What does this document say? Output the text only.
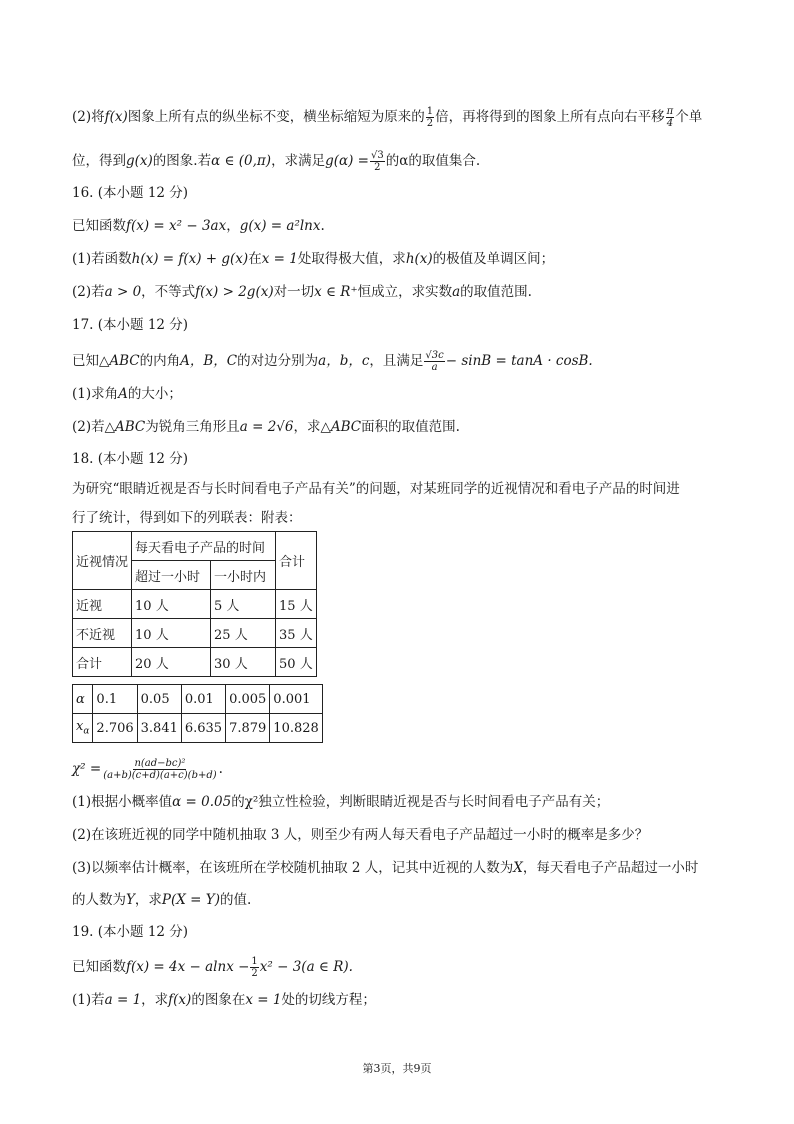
(2)将f(x)图象上所有点的纵坐标不变，横坐标缩短为原来的 $\frac{1}{2}$ 倍，再将得到的图象上所有点向右平移 $\frac{\pi}{4}$ 个单
位，得到g(x)的图象.若α ∈ (0,π)，求满足$g(\alpha) = \frac{√3}{2}$ 的α的取值集合.
16. (本小题 12 分)
已知函数f(x) = x² − 3ax，g(x) = a²lnx.
(1)若函数h(x) = f(x) + g(x)在x = 1处取得极大值，求h(x)的极值及单调区间；
(2)若a > 0，不等式f(x) > 2g(x)对一切x ∈ R⁺恒成立，求实数a的取值范围.
17. (本小题 12 分)
已知△ABC的内角A，B，C的对边分别为a，b，c，且满足 $\frac{√3c}{a} - \sin B = \tan A \cdot \cos B$.
(1)求角A的大小；
(2)若△ABC为锐角三角形且a = 2√6，求△ABC面积的取值范围.
18. (本小题 12 分)
为研究“眼睛近视是否与长时间看电子产品有关”的问题，对某班同学的近视情况和看电子产品的时间进
行了统计，得到如下的列联表：附表：
近视情况	每天看电子产品的时间		合计
	超过一小时	一小时内	
近视	10 人	5 人	15 人
不近视	10 人	25 人	35 人
合计	20 人	30 人	50 人
α	0.1	0.05	0.01	0.005	0.001
$x_\alpha$	2.706	3.841	6.635	7.879	10.828
$\chi^2 = \frac{\text{n(ad−bc)²}}{(a+b)(c+d)(a+c)(b+d)}$ .
(1)根据小概率值α = 0.05的χ²独立性检验，判断眼睛近视是否与长时间看电子产品有关；
(2)在该班近视的同学中随机抽取 3 人，则至少有两人每天看电子产品超过一小时的概率是多少？
(3)以频率估计概率，在该班所在学校随机抽取 2 人，记其中近视的人数为X，每天看电子产品超过一小时
的人数为Y，求P(X = Y)的值.
19. (本小题 12 分)
已知函数$f(x) = 4x - alnx - \frac{1}{2} x^2 - 3(a$ ∈ R).
(1)若a = 1，求f(x)的图象在x = 1处的切线方程；
第3页，共9页
